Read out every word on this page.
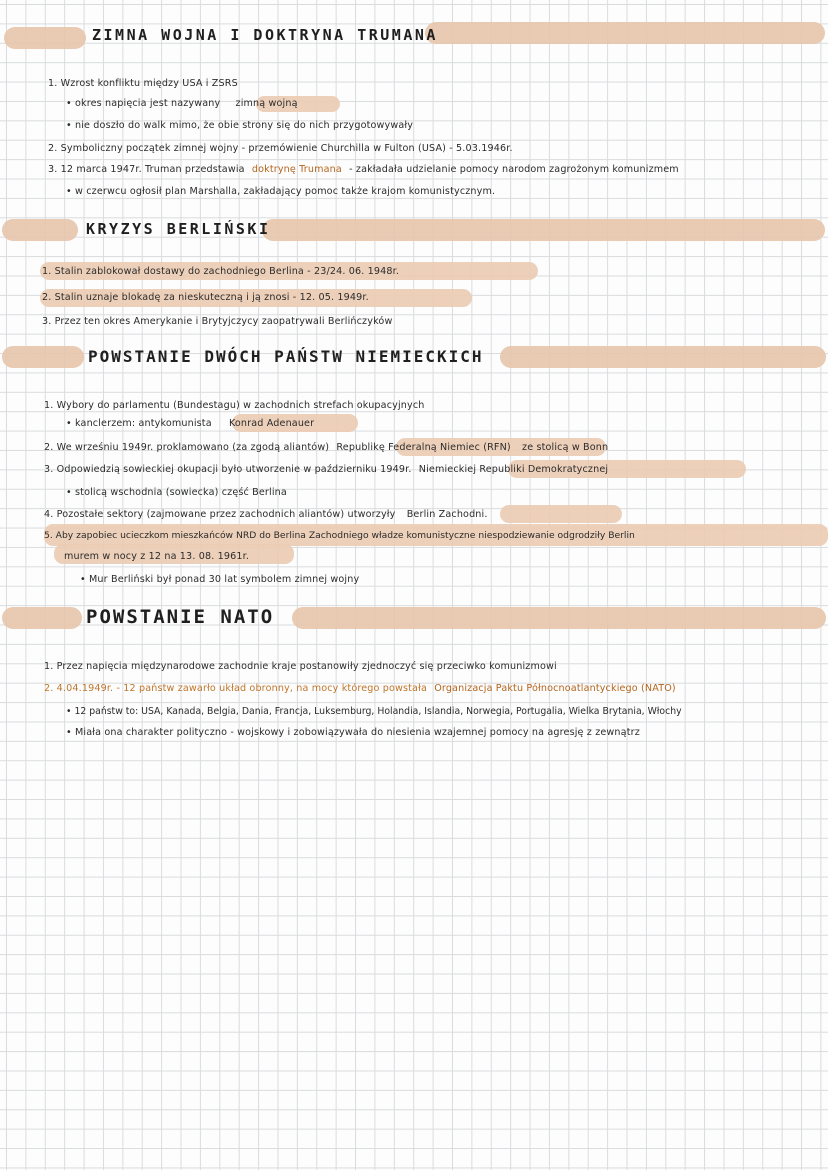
ZIMNA WOJNA I DOKTRYNA TRUMANA
1. Wzrost konfliktu między USA i ZSRS
• okres napięcia jest nazywany zimną wojną
• nie doszło do walk mimo, że obie strony się do nich przygotowywały
2. Symboliczny początek zimnej wojny - przemówienie Churchilla w Fulton (USA) - 5.03.1946r.
3. 12 marca 1947r. Truman przedstawia doktrynę Trumana - zakładała udzielanie pomocy narodom zagrożonym komunizmem
• w czerwcu ogłosił plan Marshalla, zakładający pomoc także krajom komunistycznym.
KRYZYS BERLIŃSKI
1. Stalin zablokował dostawy do zachodniego Berlina - 23/24. 06. 1948r.
2. Stalin uznaje blokadę za nieskuteczną i ją znosi - 12. 05. 1949r.
3. Przez ten okres Amerykanie i Brytyjczycy zaopatrywali Berlińczyków
POWSTANIE DWÓCH PAŃSTW NIEMIECKICH
1. Wybory do parlamentu (Bundestagu) w zachodnich strefach okupacyjnych
• kanclerzem: antykomunista Konrad Adenauer
2. We wrześniu 1949r. proklamowano (za zgodą aliantów) Republikę Federalną Niemiec (RFN) ze stolicą w Bonn
3. Odpowiedzią sowieckiej okupacji było utworzenie w październiku 1949r. Niemieckiej Republiki Demokratycznej
• stolicą wschodnia (sowiecka) część Berlina
4. Pozostałe sektory (zajmowane przez zachodnich aliantów) utworzyły Berlin Zachodni.
5. Aby zapobiec ucieczkom mieszkańców NRD do Berlina Zachodniego władze komunistyczne niespodziewanie odgrodziły Berlin
murem w nocy z 12 na 13. 08. 1961r.
• Mur Berliński był ponad 30 lat symbolem zimnej wojny
POWSTANIE NATO
1. Przez napięcia międzynarodowe zachodnie kraje postanowiły zjednoczyć się przeciwko komunizmowi
2. 4.04.1949r. - 12 państw zawarło układ obronny, na mocy którego powstała Organizacja Paktu Północnoatlantyckiego (NATO)
• 12 państw to: USA, Kanada, Belgia, Dania, Francja, Luksemburg, Holandia, Islandia, Norwegia, Portugalia, Wielka Brytania, Włochy
• Miała ona charakter polityczno - wojskowy i zobowiązywała do niesienia wzajemnej pomocy na agresję z zewnątrz
